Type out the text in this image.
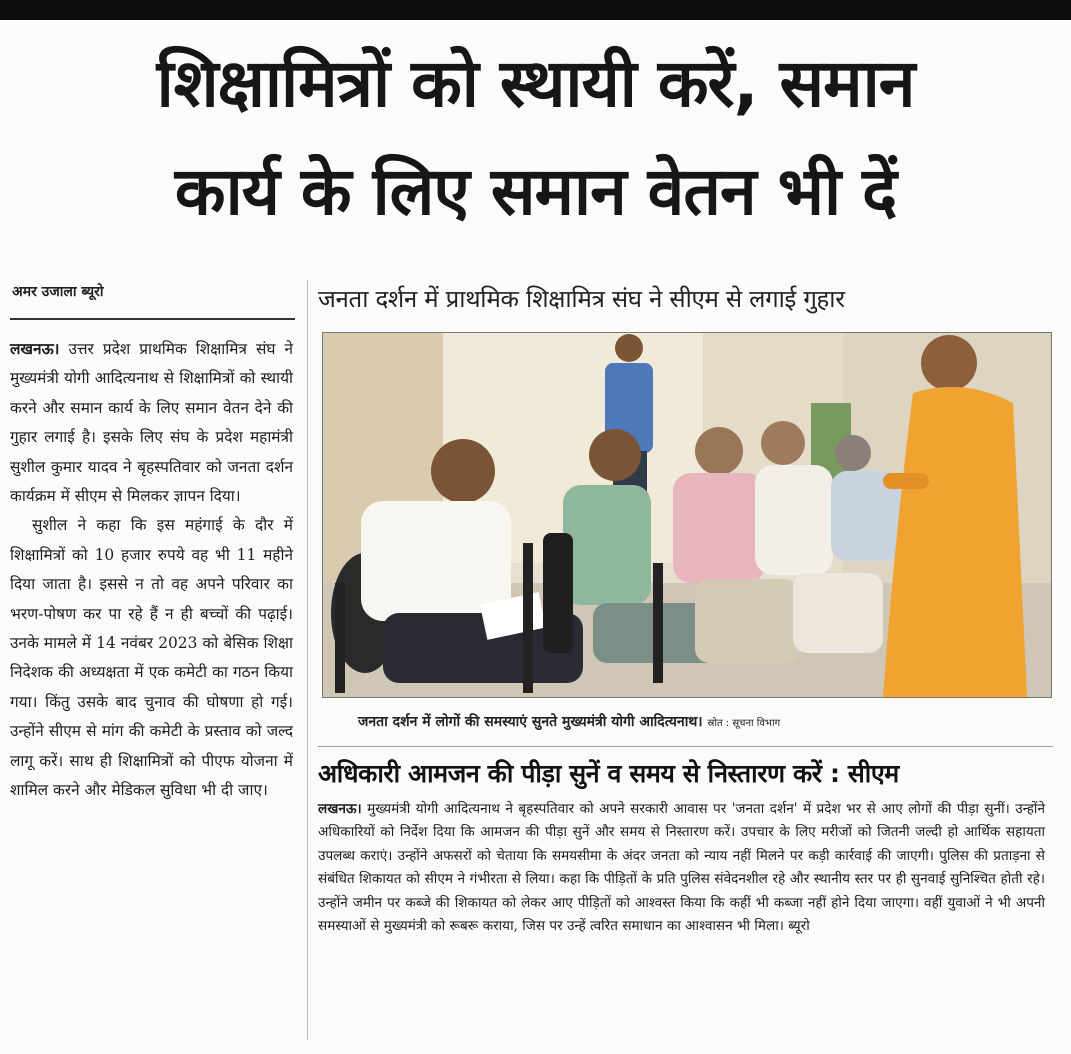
शिक्षामित्रों को स्थायी करें, समान
कार्य के लिए समान वेतन भी दें
अमर उजाला ब्यूरो

लखनऊ। उत्तर प्रदेश प्राथमिक शिक्षामित्र संघ ने मुख्यमंत्री योगी आदित्यनाथ से शिक्षामित्रों को स्थायी करने और समान कार्य के लिए समान वेतन देने की गुहार लगाई है। इसके लिए संघ के प्रदेश महामंत्री सुशील कुमार यादव ने बृहस्पतिवार को जनता दर्शन कार्यक्रम में सीएम से मिलकर ज्ञापन दिया।

सुशील ने कहा कि इस महंगाई के दौर में शिक्षामित्रों को 10 हजार रुपये वह भी 11 महीने दिया जाता है। इससे न तो वह अपने परिवार का भरण-पोषण कर पा रहे हैं न ही बच्चों की पढ़ाई। उनके मामले में 14 नवंबर 2023 को बेसिक शिक्षा निदेशक की अध्यक्षता में एक कमेटी का गठन किया गया। किंतु उसके बाद चुनाव की घोषणा हो गई। उन्होंने सीएम से मांग की कमेटी के प्रस्ताव को जल्द लागू करें। साथ ही शिक्षामित्रों को पीएफ योजना में शामिल करने और मेडिकल सुविधा भी दी जाए।

जनता दर्शन में प्राथमिक शिक्षामित्र संघ ने सीएम से लगाई गुहार
जनता दर्शन में लोगों की समस्याएं सुनते मुख्यमंत्री योगी आदित्यनाथ। स्रोत : सूचना विभाग
अधिकारी आमजन की पीड़ा सुनें व समय से निस्तारण करें : सीएम
लखनऊ। मुख्यमंत्री योगी आदित्यनाथ ने बृहस्पतिवार को अपने सरकारी आवास पर 'जनता दर्शन' में प्रदेश भर से आए लोगों की पीड़ा सुनीं। उन्होंने अधिकारियों को निर्देश दिया कि आमजन की पीड़ा सुनें और समय से निस्तारण करें। उपचार के लिए मरीजों को जितनी जल्दी हो आर्थिक सहायता उपलब्ध कराएं। उन्होंने अफसरों को चेताया कि समयसीमा के अंदर जनता को न्याय नहीं मिलने पर कड़ी कार्रवाई की जाएगी। पुलिस की प्रताड़ना से संबंधित शिकायत को सीएम ने गंभीरता से लिया। कहा कि पीड़ितों के प्रति पुलिस संवेदनशील रहे और स्थानीय स्तर पर ही सुनवाई सुनिश्चित होती रहे। उन्होंने जमीन पर कब्जे की शिकायत को लेकर आए पीड़ितों को आश्वस्त किया कि कहीं भी कब्जा नहीं होने दिया जाएगा। वहीं युवाओं ने भी अपनी समस्याओं से मुख्यमंत्री को रूबरू कराया, जिस पर उन्हें त्वरित समाधान का आश्वासन भी मिला। ब्यूरो
